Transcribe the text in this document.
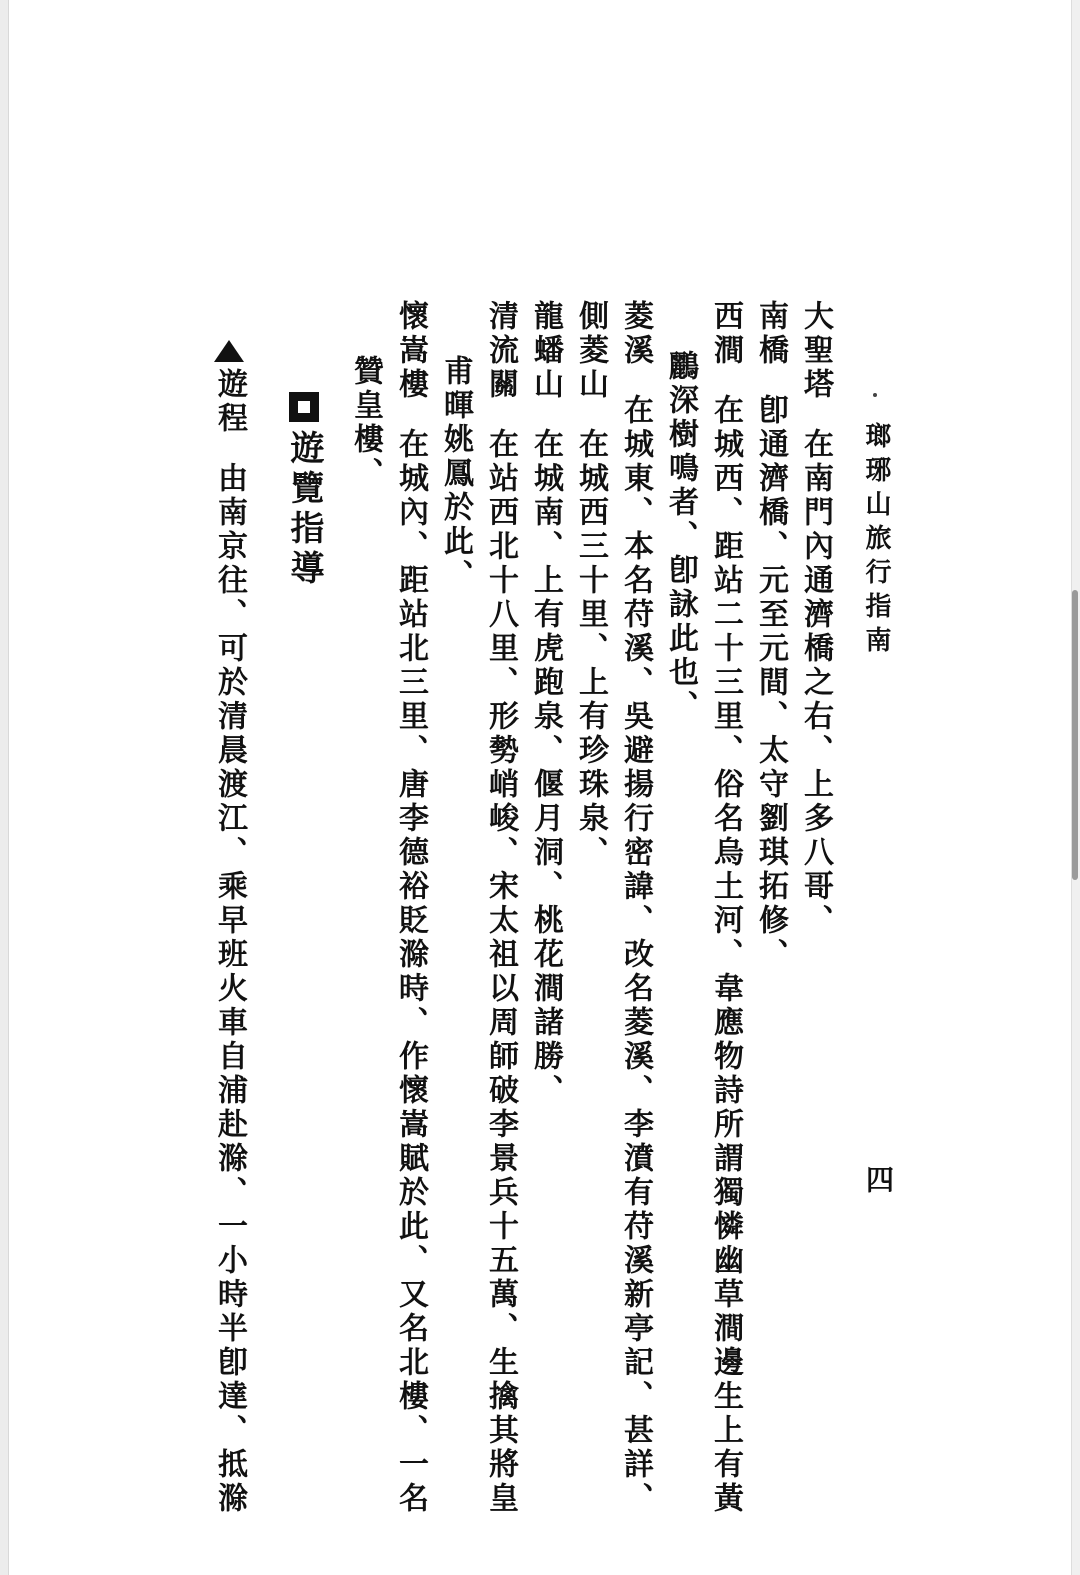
瑯琊山旅行指南
四
大聖塔在南門內通濟橋之右、上多八哥、
南橋卽通濟橋、元至元間、太守劉琪拓修、
西澗在城西、距站二十三里、俗名烏土河、韋應物詩所謂獨憐幽草澗邊生上有黃
鸝深樹鳴者、卽詠此也、
菱溪在城東、本名苻溪、吳避揚行密諱、改名菱溪、李濆有苻溪新亭記、甚詳、
側菱山在城西三十里、上有珍珠泉、
龍蟠山在城南、上有虎跑泉、偃月洞、桃花澗諸勝、
清流關在站西北十八里、形勢峭峻、宋太祖以周師破李景兵十五萬、生擒其將皇
甫暉姚鳳於此、
懷嵩樓在城內、距站北三里、唐李德裕貶滁時、作懷嵩賦於此、又名北樓、一名
贊皇樓、
遊覽指導
遊程由南京往、可於清晨渡江、乘早班火車自浦赴滁、一小時半卽達、抵滁
